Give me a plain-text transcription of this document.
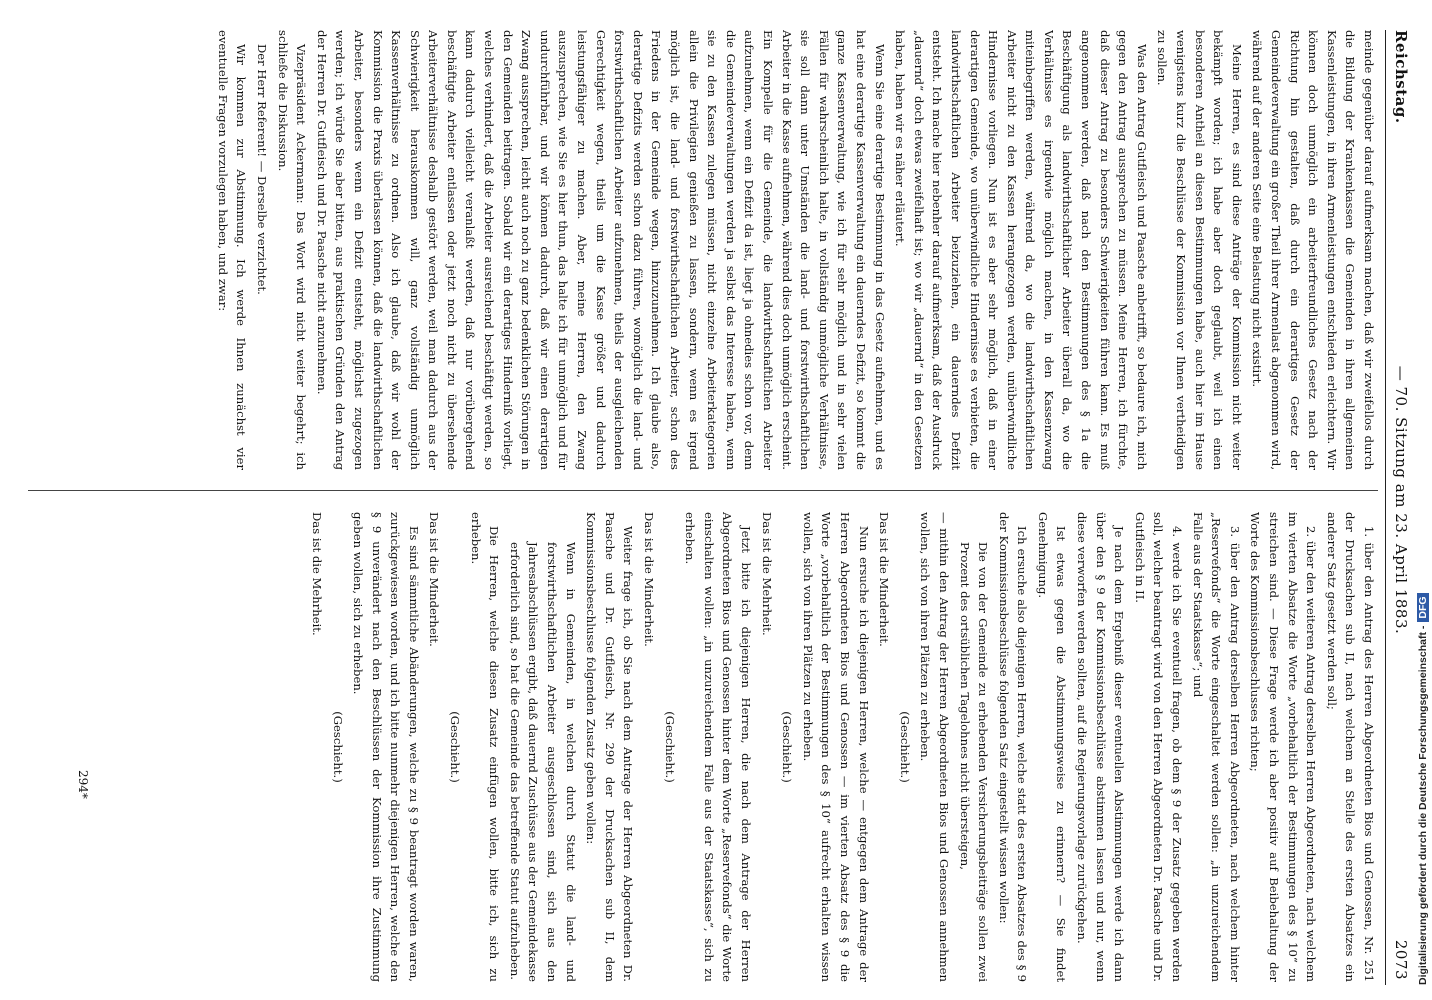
Reichstag.
— 70. Sitzung am 23. April 1883.
2073

meinde gegenüber darauf aufmerksam machen, daß wir zweifellos durch die Bildung der Krankenkassen die Gemeinden in ihren allgemeinen Kassenleistungen, in ihren Armenleistungen entschieden erleichtern. Wir können doch unmöglich ein arbeiterfreundliches Gesetz nach der Richtung hin gestalten, daß durch ein derartiges Gesetz der Gemeindeverwaltung ein großer Theil ihrer Armenlast abgenommen wird, während auf der anderen Seite eine Belastung nicht existirt.

Meine Herren, es sind diese Anträge der Kommission nicht weiter bekämpft worden; ich habe aber doch geglaubt, weil ich einen besonderen Antheil an diesen Bestimmungen habe, auch hier im Hause wenigstens kurz die Beschlüsse der Kommission vor Ihnen vertheidigen zu sollen.

Was den Antrag Gutfleisch und Paasche anbetrifft, so bedaure ich, mich gegen den Antrag aussprechen zu müssen. Meine Herren, ich fürchte, daß dieser Antrag zu besonders Schwierigkeiten führen kann. Es muß angenommen werden, daß nach den Bestimmungen des § 1a die Beschäftigung als landwirthschaftlicher Arbeiter überall da, wo die Verhältnisse es irgendwie möglich machen, in den Kassenzwang miteinbegriffen werden, während da, wo die landwirthschaftlichen Arbeiter nicht zu den Kassen herangezogen werden, unüberwindliche Hindernisse vorliegen. Nun ist es aber sehr möglich, daß in einer derartigen Gemeinde, wo unüberwindliche Hindernisse es verbieten, die landwirthschaftlichen Arbeiter beizuziehen, ein dauerndes Defizit entsteht. Ich mache hier nebenher darauf aufmerksam, daß der Ausdruck „dauernd“ doch etwas zweifelhaft ist; wo wir „dauernd“ in den Gesetzen haben, haben wir es näher erläutert.

Wenn Sie eine derartige Bestimmung in das Gesetz aufnehmen, und es hat eine derartige Kassenverwaltung ein dauerndes Defizit, so kommt die ganze Kassenverwaltung, wie ich für sehr möglich und in sehr vielen Fällen für wahrscheinlich halte, in vollständig unmögliche Verhältnisse, sie soll dann unter Umständen die land- und forstwirthschaftlichen Arbeiter in die Kasse aufnehmen, während dies doch unmöglich erscheint. Ein Kompelle für die Gemeinde, die landwirthschaftlichen Arbeiter aufzunehmen, wenn ein Defizit da ist, liegt ja ohnedies schon vor, denn die Gemeindeverwaltungen werden ja selbst das Interesse haben, wenn sie zu den Kassen zulegen müssen, nicht einzelne Arbeiterkategorien allein die Privilegien genießen zu lassen, sondern, wenn es irgend möglich ist, die land- und forstwirthschaftlichen Arbeiter, schon des Friedens in der Gemeinde wegen, hinzuzunehmen. Ich glaube also, derartige Defizits werden schon dazu führen, womöglich die land- und forstwirthschaftlichen Arbeiter aufzunehmen, theils der ausgleichenden Gerechtigkeit wegen, theils um die Kasse größer und dadurch leistungsfähiger zu machen. Aber, meine Herren, den Zwang auszusprechen, wie Sie es hier thun, das halte ich für unmöglich und für undurchführbar, und wir können dadurch, daß wir einen derartigen Zwang aussprechen, leicht auch noch zu ganz bedenklichen Störungen in den Gemeinden beitragen. Sobald wir ein derartiges Hinderniß vorliegt, welches verhindert, daß die Arbeiter ausreichend beschäftigt werden, so kann dadurch vielleicht veranlaßt werden, daß nur vorübergehend beschäftigte Arbeiter entlassen oder jetzt noch nicht zu übersehende Arbeiterverhältnisse deshalb gestört werden, weil man dadurch aus der Schwierigkeit herauskommen will, ganz vollständig unmöglich Kassenverhältnisse zu ordnen. Also ich glaube, daß wir wohl der Kommission die Praxis überlassen können, daß die landwirthschaftlichen Arbeiter, besonders wenn ein Defizit entsteht, möglichst zugezogen werden; ich würde Sie aber bitten, aus praktischen Gründen den Antrag der Herren Dr. Gutfleisch und Dr. Paasche nicht anzunehmen.

Vizepräsident Ackermann: Das Wort wird nicht weiter begehrt; ich schließe die Diskussion.

Der Herr Referent! — Derselbe verzichtet.

Wir kommen zur Abstimmung. Ich werde Ihnen zunächst vier eventuelle Fragen vorzulegen haben, und zwar:

1. über den Antrag des Herren Abgeordneten Bios und Genossen, Nr. 251 der Drucksachen sub II, nach welchem an Stelle des ersten Absatzes ein anderer Satz gesetzt werden soll;

2. über den weiteren Antrag derselben Herren Abgeordneten, nach welchem im vierten Absatze die Worte „vorbehaltlich der Bestimmungen des § 10“ zu streichen sind. — Diese Frage werde ich aber positiv auf Beibehaltung der Worte des Kommissionsbeschlusses richten;

3. über den Antrag derselben Herren Abgeordneten, nach welchem hinter „Reservefonds“ die Worte eingeschaltet werden sollen: „in unzureichendem Falle aus der Staatskasse“; und

4. werde ich Sie eventuell fragen, ob dem § 9 der Zusatz gegeben werden soll, welcher beantragt wird von den Herren Abgeordneten Dr. Paasche und Dr. Gutfleisch in II.

Je nach dem Ergebniß dieser eventuellen Abstimmungen werde ich dann über den § 9 der Kommissionsbeschlüsse abstimmen lassen und nur, wenn diese verworfen werden sollten, auf die Regierungsvorlage zurückgehen.

Ist etwas gegen die Abstimmungsweise zu erinnern? — Sie findet Genehmigung.

Ich ersuche also diejenigen Herren, welche statt des ersten Absatzes des § 9 der Kommissionsbeschlüsse folgenden Satz eingestellt wissen wollen:

Die von der Gemeinde zu erhebenden Versicherungsbeiträge sollen zwei Prozent des ortsüblichen Tagelohnes nicht übersteigen,

— mithin den Antrag der Herren Abgeordneten Bios und Genossen annehmen wollen, sich von ihren Plätzen zu erheben.

(Geschieht.)

Das ist die Minderheit.

Nun ersuche ich diejenigen Herren, welche — entgegen dem Antrage der Herren Abgeordneten Bios und Genossen — im vierten Absatz des § 9 die Worte „vorbehaltlich der Bestimmungen des § 10“ aufrecht erhalten wissen wollen, sich von ihren Plätzen zu erheben.

(Geschieht.)

Das ist die Mehrheit.

Jetzt bitte ich diejenigen Herren, die nach dem Antrage der Herren Abgeordneten Bios und Genossen hinter dem Worte „Reservefonds“ die Worte einschalten wollen: „in unzureichendem Falle aus der Staatskasse“, sich zu erheben.

(Geschieht.)

Das ist die Minderheit.

Weiter frage ich, ob Sie nach dem Antrage der Herren Abgeordneten Dr. Paasche und Dr. Gutfleisch, Nr. 290 der Drucksachen sub II, dem Kommissionsbeschlusse folgenden Zusatz geben wollen:

Wenn in Gemeinden, in welchen durch Statut die land- und forstwirthschaftlichen Arbeiter ausgeschlossen sind, sich aus den Jahresabschlüssen ergibt, daß dauernd Zuschüsse aus der Gemeindekasse erforderlich sind, so hat die Gemeinde das betreffende Statut aufzuheben.

Die Herren, welche diesen Zusatz einfügen wollen, bitte ich, sich zu erheben.

(Geschieht.)

Das ist die Minderheit.

Es sind sämmtliche Abänderungen, welche zu § 9 beantragt worden waren, zurückgewiesen worden, und ich bitte nunmehr diejenigen Herren, welche den § 9 unverändert nach den Beschlüssen der Kommission ihre Zustimmung geben wollen, sich zu erheben.

(Geschieht.)

Das ist die Mehrheit.

294*	Digitalisierung gefördert durch die Deutsche Forschungsgemeinschaft -DFG
